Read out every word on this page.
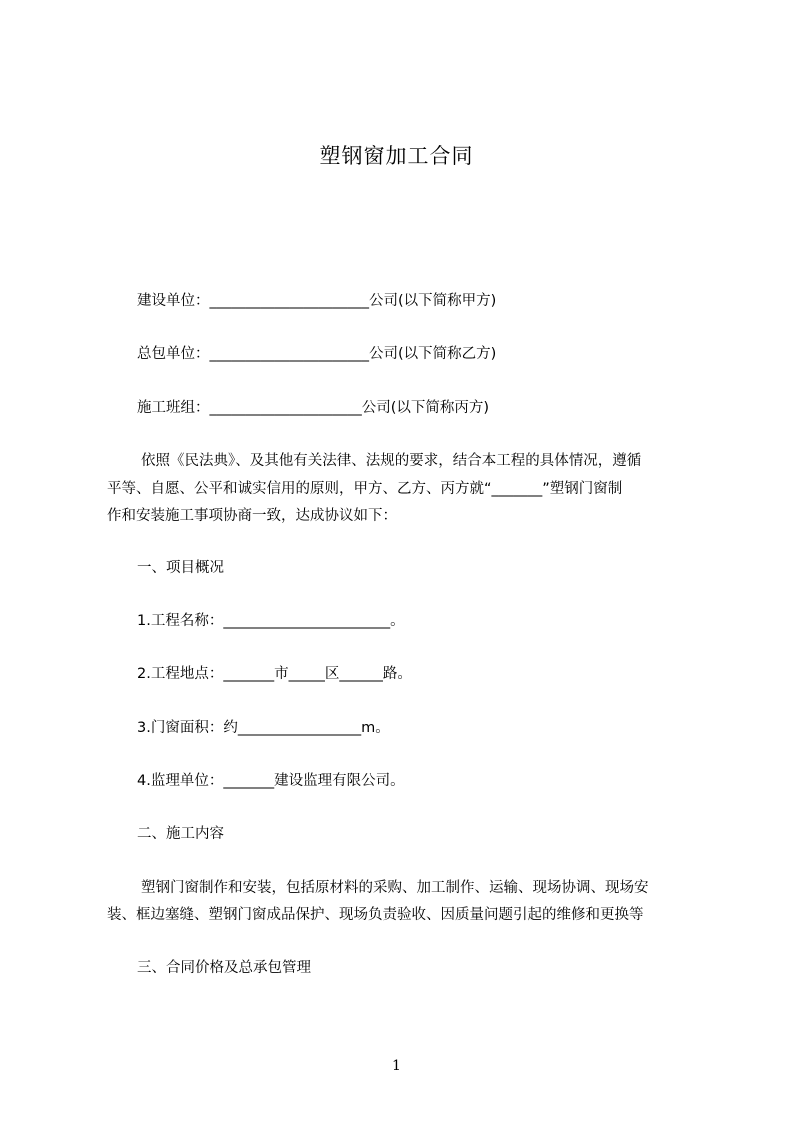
塑钢窗加工合同
建设单位：______________________公司(以下简称甲方)
总包单位：______________________公司(以下简称乙方)
施工班组：_____________________公司(以下简称丙方)
依照《民法典》、及其他有关法律、法规的要求，结合本工程的具体情况，遵循
平等、自愿、公平和诚实信用的原则，甲方、乙方、丙方就“_______”塑钢门窗制
作和安装施工事项协商一致，达成协议如下：
一、项目概况
1.工程名称：_______________________。
2.工程地点：_______市_____区______路。
3.门窗面积：约_________________m。
4.监理单位：_______建设监理有限公司。
二、施工内容
塑钢门窗制作和安装，包括原材料的采购、加工制作、运输、现场协调、现场安
装、框边塞缝、塑钢门窗成品保护、现场负责验收、因质量问题引起的维修和更换等
三、合同价格及总承包管理
1
